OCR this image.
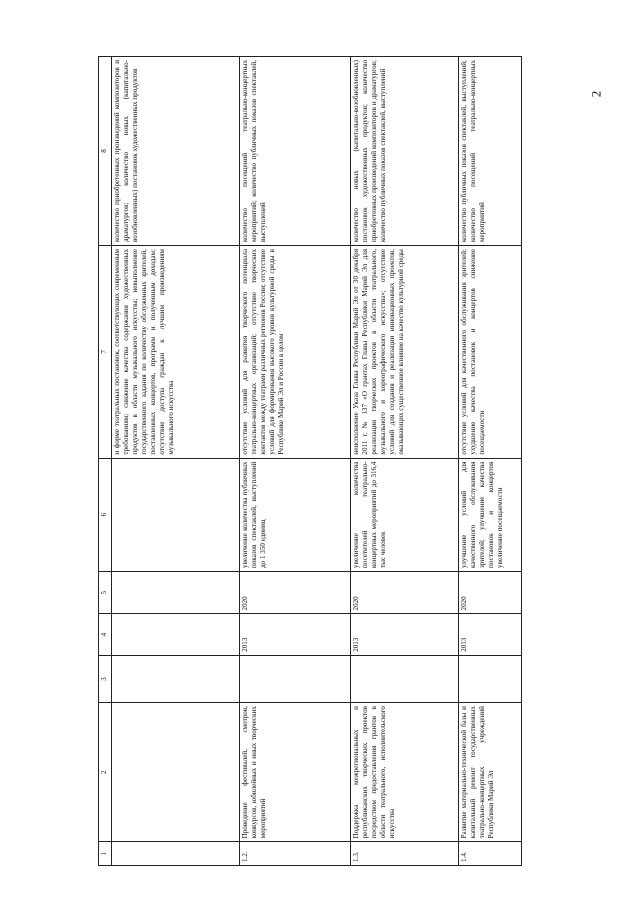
2
1	2	3	4	5	6	7	8
						и форме театральных постановок, соответствующих современным требованиям; снижение качества содержания художественных продуктов в области музыкального искусства; невыполнение государственного задания по количеству обслуженных зрителей, поставленных концертов, программ и полученным доходам; отсутствие доступа граждан к лучшим произведениям музыкального искусства	количество приобретенных произведений композиторов и драматургов; количество новых (капитально-возобновленных) постановок художественных продуктов
1.2.	Проведение фестивалей, смотров, конкурсов, юбилейных и иных творческих мероприятий		2013	2020	увеличение количества публичных показов спектаклей, выступлений до 1 350 единиц	отсутствие условий для развития творческого потенциала театрально-концертных организаций; отсутствие творческих контактов между театрами различных регионов России; отсутствие условий для формирования высокого уровня культурной среды в Республике Марий Эл и России в целом	количество посещений театрально-концертных мероприятий; количество публичных показов спектаклей, выступлений
1.3.	Поддержка межрегиональных и республиканских творческих проектов посредством предоставления грантов в области театрального, исполнительского искусства		2013	2020	увеличение количества посетителей театрально-концертных мероприятий до 316,4 тыс человек	неисполнение Указа Главы Республики Марий Эл от 30 декабря 2011 г. № 137 «О грантах Главы Республики Марий Эл для реализации творческих проектов в области театрального, музыкального и хореографического искусства»; отсутствие условий для создания и реализации инновационных проектов, оказывающих существенное влияние на качество культурной среды	количество новых (капитально-возобновленных) постановок художественных продуктов; количество приобретенных произведений композиторов и драматургов; количество публичных показов спектаклей, выступлений
1.4.	Развитие материально-технической базы и капитальный ремонт государственных театрально-концертных учреждений Республики Марий Эл		2013	2020	улучшение условий для качественного обслуживания зрителей; улучшение качества постановок и концертов увеличение посещаемости	отсутствие условий для качественного обслуживания зрителей; ухудшение качества постановок и концертов снижение посещаемости	количество публичных показов спектаклей, выступлений; количество посещений театрально-концертных мероприятий
